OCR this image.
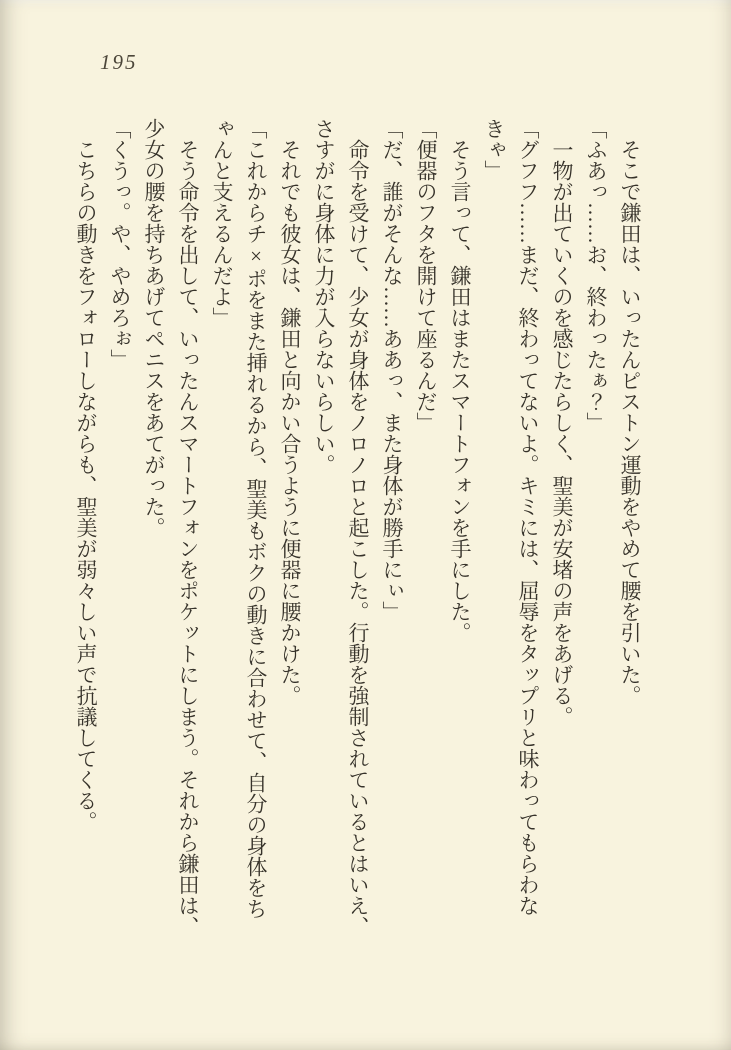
195
　そこで鎌田は、いったんピストン運動をやめて腰を引いた。
「ふあっ……お、終わったぁ？」
　一物が出ていくのを感じたらしく、聖美が安堵の声をあげる。
「グフフ……まだ、終わってないよ。キミには、屈辱をタップリと味わってもらわな
きゃ」
　そう言って、鎌田はまたスマートフォンを手にした。
「便器のフタを開けて座るんだ」
「だ、誰がそんな……ああっ、また身体が勝手にぃ」
　命令を受けて、少女が身体をノロノロと起こした。行動を強制されているとはいえ、
さすがに身体に力が入らないらしい。
　それでも彼女は、鎌田と向かい合うように便器に腰かけた。
「これからチ×ポをまた挿れるから、聖美もボクの動きに合わせて、自分の身体をち
ゃんと支えるんだよ」
　そう命令を出して、いったんスマートフォンをポケットにしまう。それから鎌田は、
少女の腰を持ちあげてペニスをあてがった。
「くうっ。や、やめろぉ」
　こちらの動きをフォローしながらも、聖美が弱々しい声で抗議してくる。
